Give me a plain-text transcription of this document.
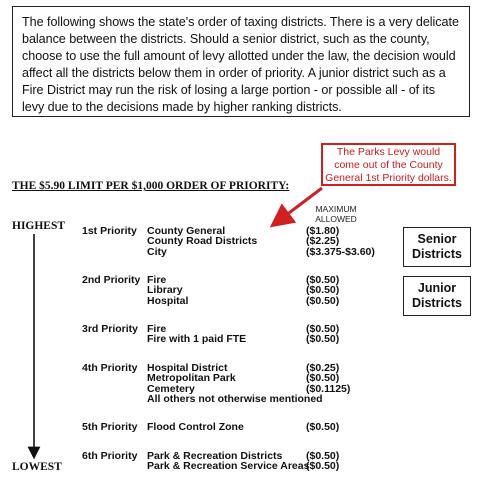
The following shows the state's order of taxing districts. There is a very delicate balance between the districts. Should a senior district, such as the county, choose to use the full amount of levy allotted under the law, the decision would affect all the districts below them in order of priority. A junior district such as a Fire District may run the risk of losing a large portion - or possible all - of its levy due to the decisions made by higher ranking districts.
The Parks Levy would
come out of the County
General 1st Priority dollars.
THE $5.90 LIMIT PER $1,000 ORDER OF PRIORITY:
MAXIMUM
ALLOWED
HIGHEST
LOWEST
1st Priority County General
County Road Districts
City
($1.80)
($2.25)
($3.375-$3.60)
2nd Priority Fire
Library
Hospital
($0.50)
($0.50)
($0.50)
3rd Priority Fire
Fire with 1 paid FTE
($0.50)
($0.50)
4th Priority Hospital District
Metropolitan Park
Cemetery
All others not otherwise mentioned
($0.25)
($0.50)
($0.1125)
5th Priority Flood Control Zone	($0.50)
6th Priority Park & Recreation Districts
Park & Recreation Service Areas
($0.50)
($0.50)
Senior
Districts
Junior
Districts
